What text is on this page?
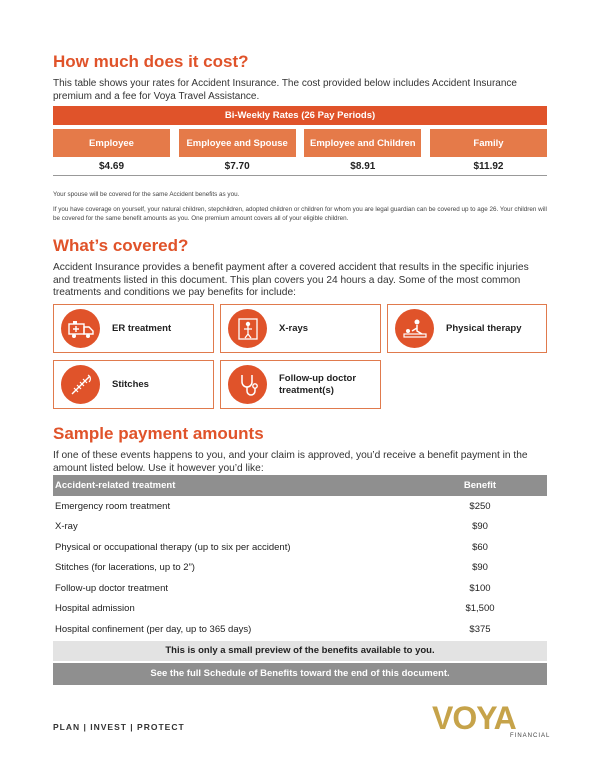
How much does it cost?
This table shows your rates for Accident Insurance. The cost provided below includes Accident Insurance premium and a fee for Voya Travel Assistance.
Bi-Weekly Rates (26 Pay Periods)
Employee	Employee and Spouse	Employee and Children	Family
$4.69	$7.70	$8.91	$11.92
Your spouse will be covered for the same Accident benefits as you.
If you have coverage on yourself, your natural children, stepchildren, adopted children or children for whom you are legal guardian can be covered up to age 26. Your children will be covered for the same benefit amounts as you. One premium amount covers all of your eligible children.
What’s covered?
Accident Insurance provides a benefit payment after a covered accident that results in the specific injuries and treatments listed in this document. This plan covers you 24 hours a day. Some of the most common treatments and conditions we pay benefits for include:
ER treatment	X-rays	Physical therapy
Stitches
Follow-up doctor treatment(s)
Sample payment amounts
If one of these events happens to you, and your claim is approved, you’d receive a benefit payment in the amount listed below. Use it however you’d like:
Accident-related treatment	Benefit
Emergency room treatment	$250
X-ray	$90
Physical or occupational therapy (up to six per accident)	$60
Stitches (for lacerations, up to 2”)	$90
Follow-up doctor treatment	$100
Hospital admission	$1,500
Hospital confinement (per day, up to 365 days)	$375
This is only a small preview of the benefits available to you.
See the full Schedule of Benefits toward the end of this document.
PLAN | INVEST | PROTECT	VOYA
FINANCIAL
